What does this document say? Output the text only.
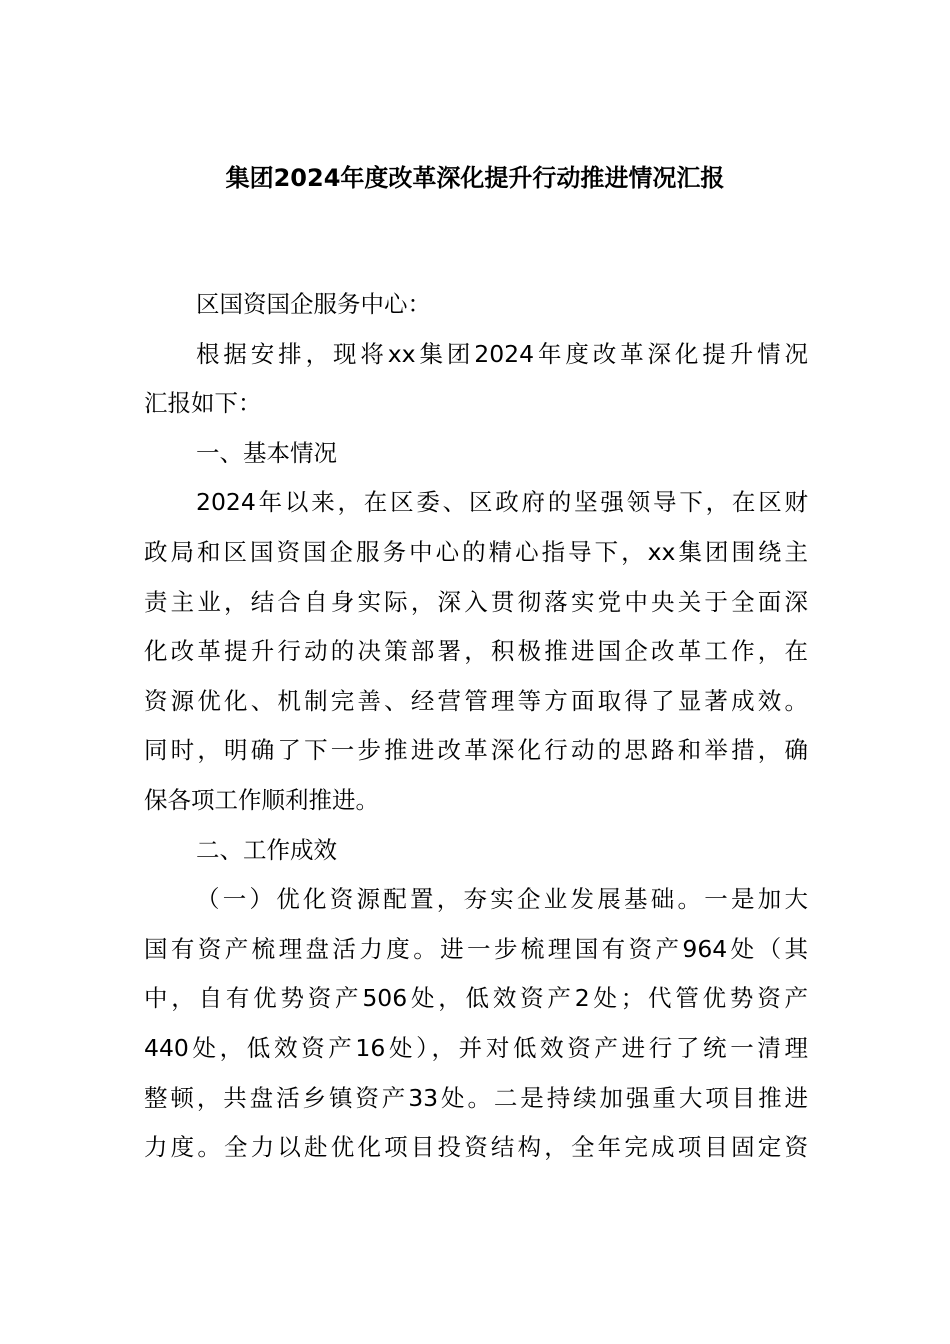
集团2024年度改革深化提升行动推进情况汇报
区国资国企服务中心：
根据安排，现将xx集团2024年度改革深化提升情况
汇报如下：
一、基本情况
2024年以来，在区委、区政府的坚强领导下，在区财
政局和区国资国企服务中心的精心指导下，xx集团围绕主
责主业，结合自身实际，深入贯彻落实党中央关于全面深
化改革提升行动的决策部署，积极推进国企改革工作，在
资源优化、机制完善、经营管理等方面取得了显著成效。
同时，明确了下一步推进改革深化行动的思路和举措，确
保各项工作顺利推进。
二、工作成效
（一）优化资源配置，夯实企业发展基础。一是加大
国有资产梳理盘活力度。进一步梳理国有资产964处（其
中，自有优势资产506处，低效资产2处；代管优势资产
440处，低效资产16处），并对低效资产进行了统一清理
整顿，共盘活乡镇资产33处。二是持续加强重大项目推进
力度。全力以赴优化项目投资结构，全年完成项目固定资
